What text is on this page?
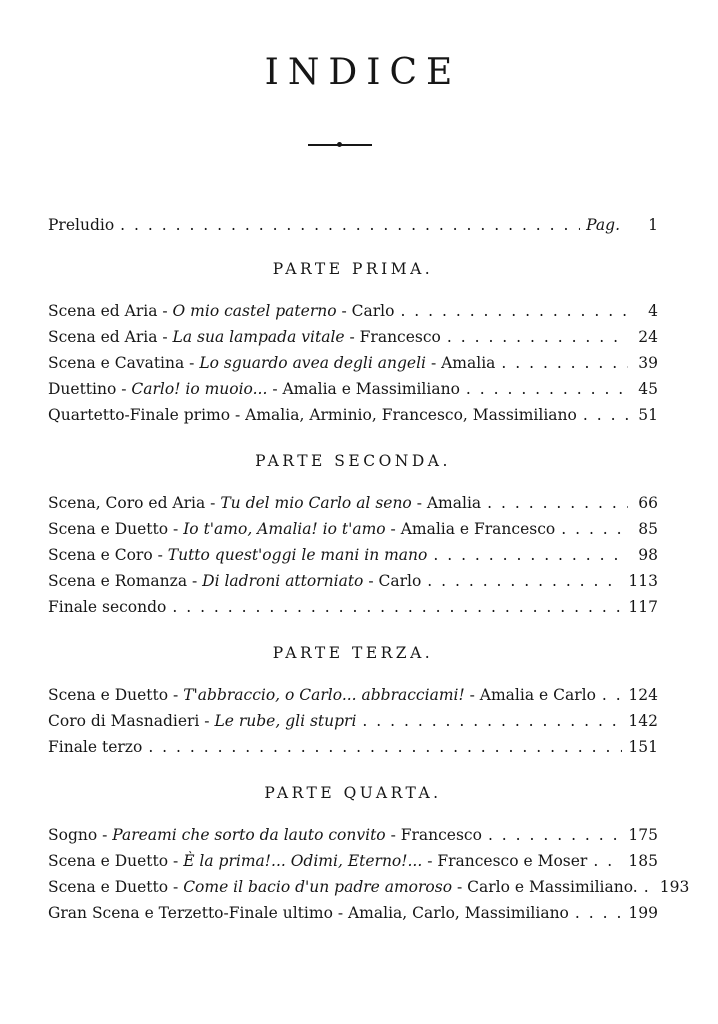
INDICE
Preludio . . .	Pag.	1
PARTE PRIMA.
Scena ed Aria - O mio castel paterno - Carlo . . .	4
Scena ed Aria - La sua lampada vitale - Francesco . . .	24
Scena e Cavatina - Lo sguardo avea degli angeli - Amalia . . .	39
Duettino - Carlo! io muoio... - Amalia e Massimiliano . . .	45
Quartetto-Finale primo - Amalia, Arminio, Francesco, Massimiliano . . .	51
PARTE SECONDA.
Scena, Coro ed Aria - Tu del mio Carlo al seno - Amalia . . .	66
Scena e Duetto - Io t'amo, Amalia! io t'amo - Amalia e Francesco . . .	85
Scena e Coro - Tutto quest'oggi le mani in mano . . .	98
Scena e Romanza - Di ladroni attorniato - Carlo . . .	113
Finale secondo . . .	117
PARTE TERZA.
Scena e Duetto - T'abbraccio, o Carlo... abbracciami! - Amalia e Carlo . . . 124
Coro di Masnadieri - Le rube, gli stupri . . .	142
Finale terzo . . .	151
PARTE QUARTA.
Sogno - Pareami che sorto da lauto convito - Francesco . . .	175
Scena e Duetto - È la prima!... Odimi, Eterno!... - Francesco e Moser . . .	185
Scena e Duetto - Come il bacio d'un padre amoroso - Carlo e Massimiliano. . . . 193
Gran Scena e Terzetto-Finale ultimo - Amalia, Carlo, Massimiliano . . .	199
